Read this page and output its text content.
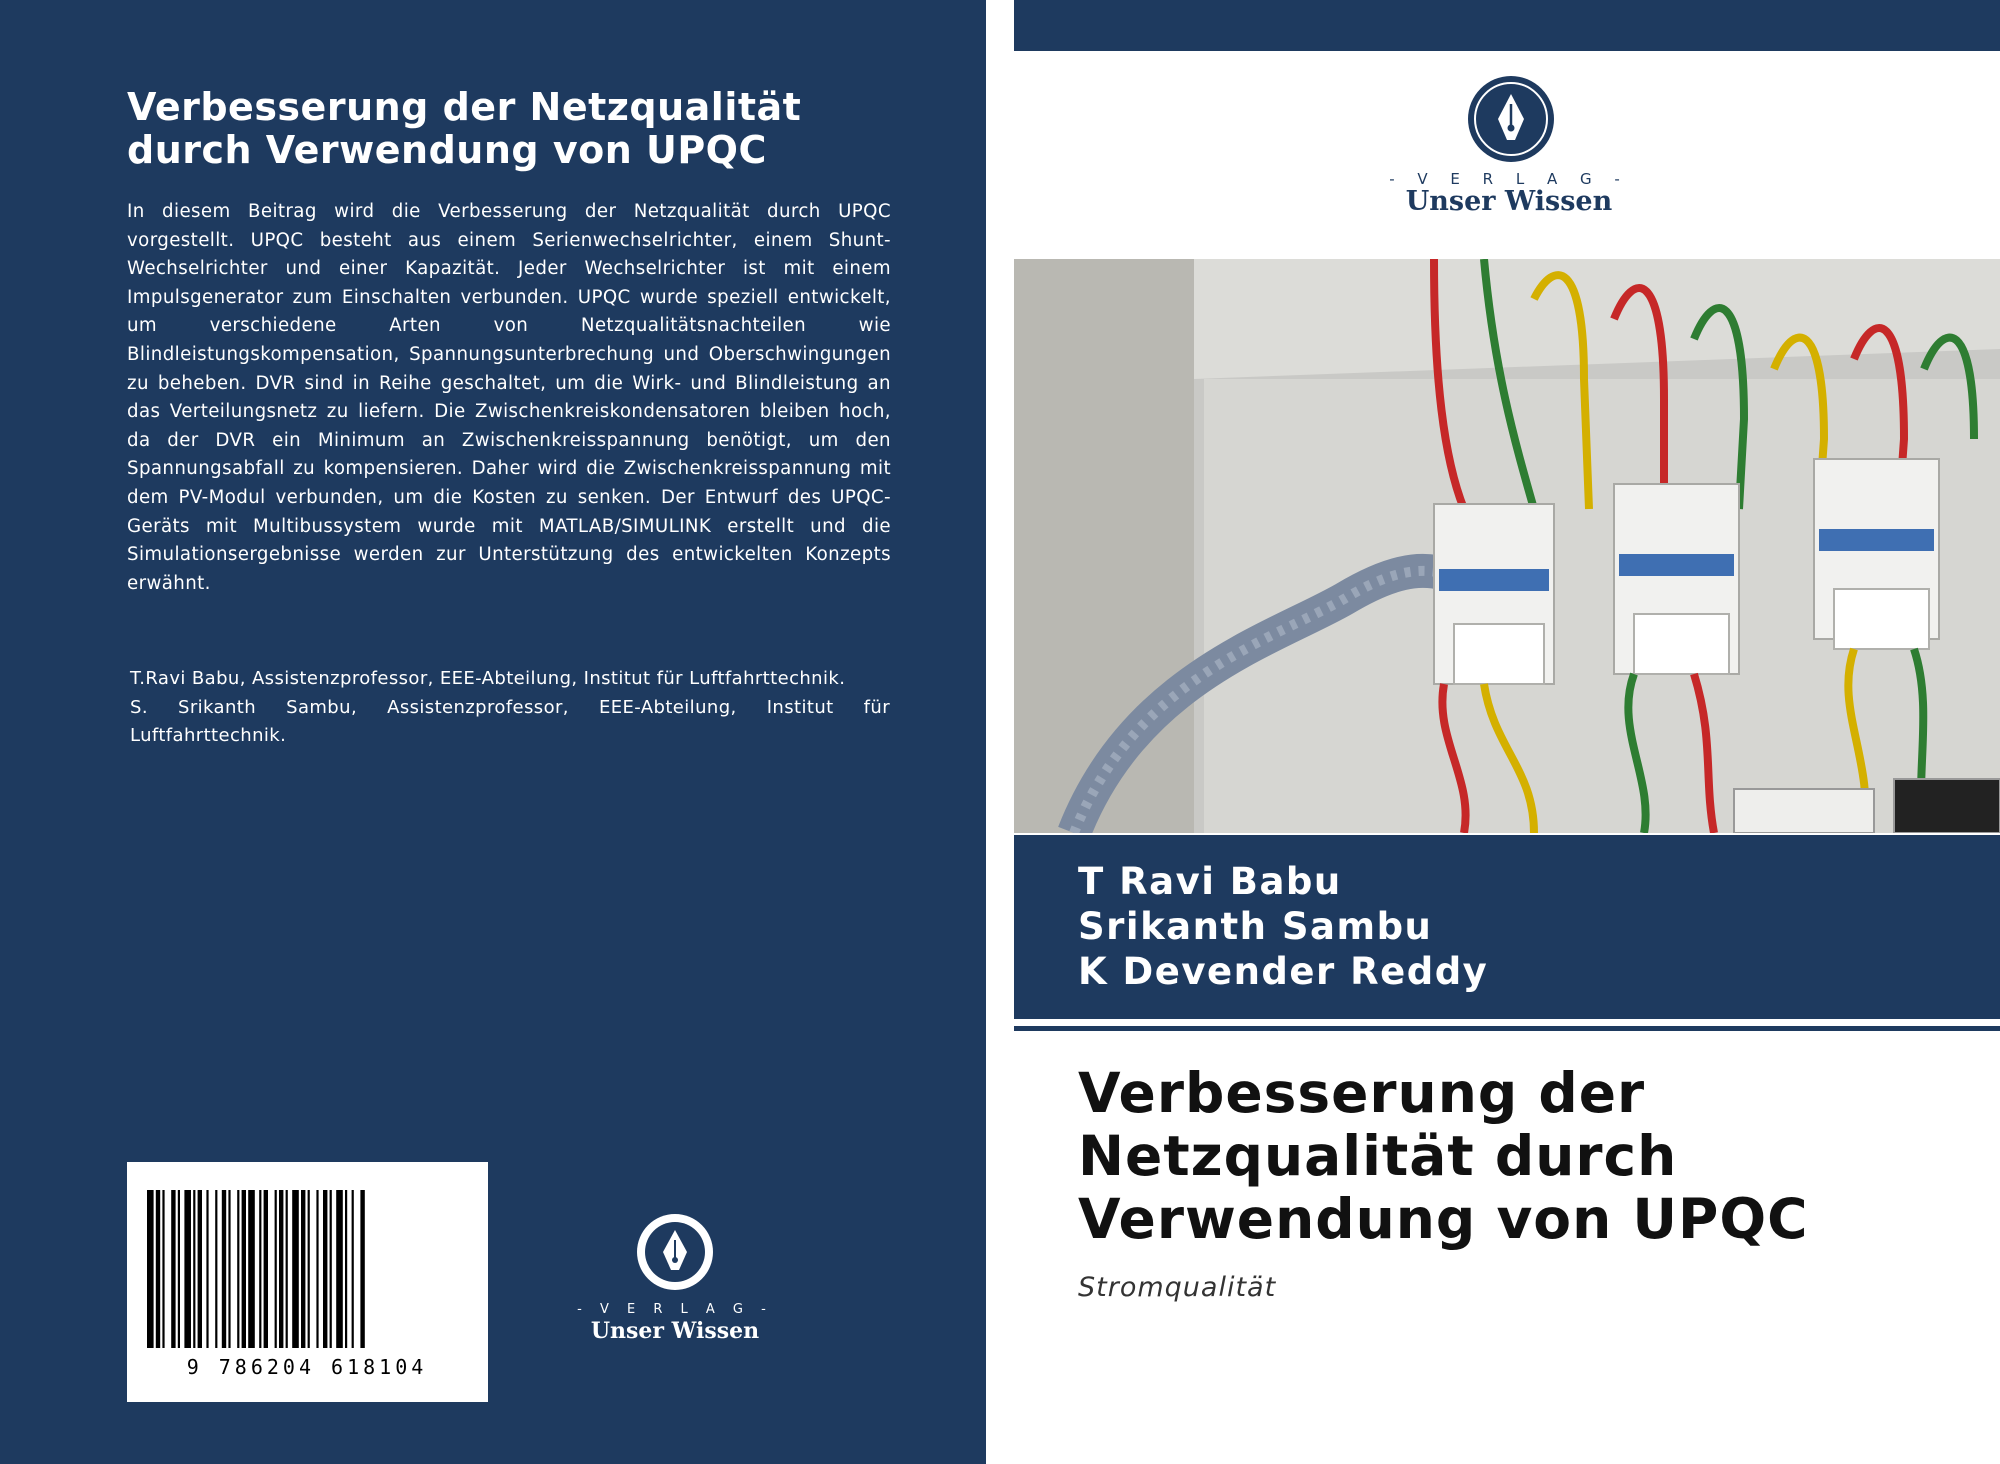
Verbesserung der Netzqualität durch Verwendung von UPQC

In diesem Beitrag wird die Verbesserung der Netzqualität durch UPQC vorgestellt. UPQC besteht aus einem Serienwechselrichter, einem Shunt-Wechselrichter und einer Kapazität. Jeder Wechselrichter ist mit einem Impulsgenerator zum Einschalten verbunden. UPQC wurde speziell entwickelt, um verschiedene Arten von Netzqualitätsnachteilen wie Blindleistungskompensation, Spannungsunterbrechung und Oberschwingungen zu beheben. DVR sind in Reihe geschaltet, um die Wirk- und Blindleistung an das Verteilungsnetz zu liefern. Die Zwischenkreiskondensatoren bleiben hoch, da der DVR ein Minimum an Zwischenkreisspannung benötigt, um den Spannungsabfall zu kompensieren. Daher wird die Zwischenkreisspannung mit dem PV-Modul verbunden, um die Kosten zu senken. Der Entwurf des UPQC-Geräts mit Multibussystem wurde mit MATLAB/SIMULINK erstellt und die Simulationsergebnisse werden zur Unterstützung des entwickelten Konzepts erwähnt.

T.Ravi Babu, Assistenzprofessor, EEE-Abteilung, Institut für Luftfahrttechnik.

S. Srikanth Sambu, Assistenzprofessor, EEE-Abteilung, Institut für Luftfahrttechnik.

9 786204 618104
- V E R L A G -
Unser Wissen
- V E R L A G -
Unser Wissen
T Ravi Babu
Srikanth Sambu
K Devender Reddy
Verbesserung der Netzqualität durch Verwendung von UPQC

Stromqualität
